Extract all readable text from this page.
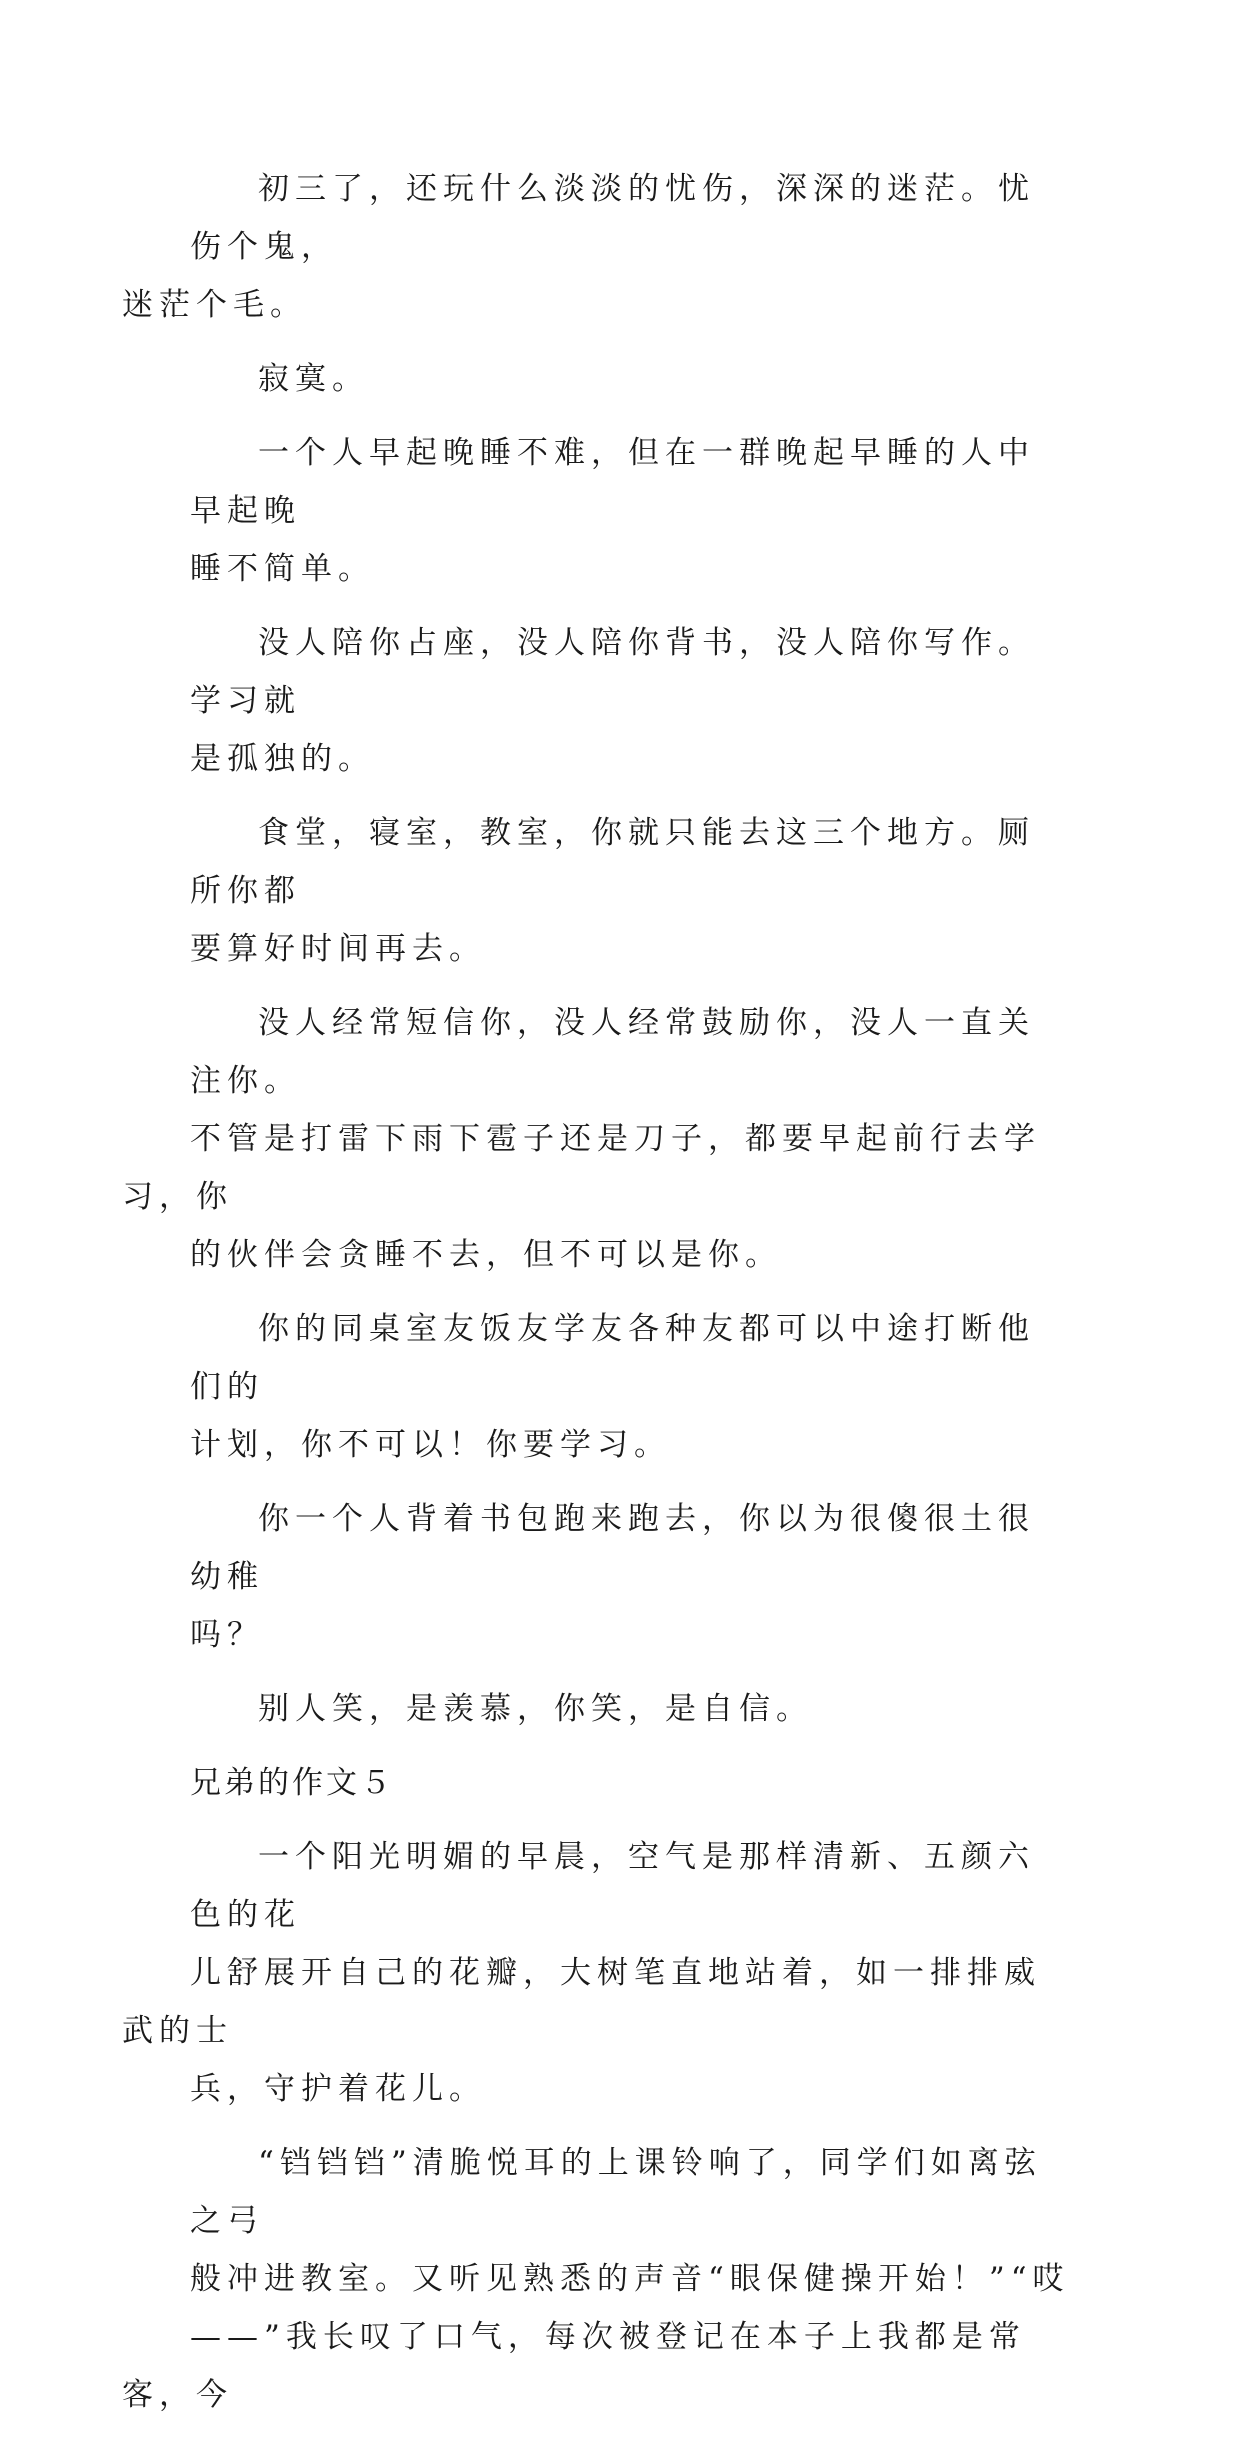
初三了，还玩什么淡淡的忧伤，深深的迷茫。忧伤个鬼，
迷茫个毛。

寂寞。

一个人早起晚睡不难，但在一群晚起早睡的人中早起晚
睡不简单。

没人陪你占座，没人陪你背书，没人陪你写作。学习就
是孤独的。

食堂，寝室，教室，你就只能去这三个地方。厕所你都
要算好时间再去。

没人经常短信你，没人经常鼓励你，没人一直关注你。
不管是打雷下雨下雹子还是刀子，都要早起前行去学习，你
的伙伴会贪睡不去，但不可以是你。

你的同桌室友饭友学友各种友都可以中途打断他们的
计划，你不可以！你要学习。

你一个人背着书包跑来跑去，你以为很傻很土很幼稚
吗？

别人笑，是羡慕，你笑，是自信。

兄弟的作文５

一个阳光明媚的早晨，空气是那样清新、五颜六色的花
儿舒展开自己的花瓣，大树笔直地站着，如一排排威武的士
兵，守护着花儿。

“铛铛铛”清脆悦耳的上课铃响了，同学们如离弦之弓
般冲进教室。又听见熟悉的声音“眼保健操开始！”“哎
——”我长叹了口气，每次被登记在本子上我都是常客，今
